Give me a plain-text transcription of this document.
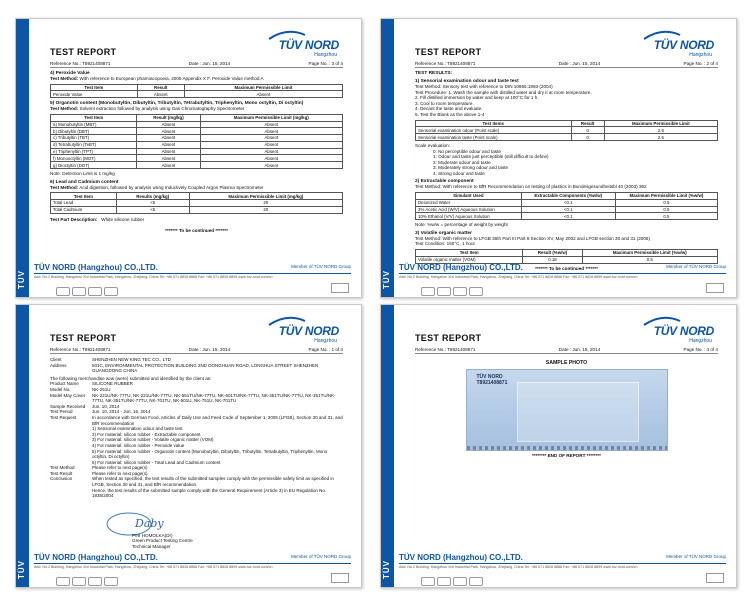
TÜV
TEST REPORT	TÜV NORD
Hangzhou
Reference No.: T8921408871	Date : Jun. 15, 2014	Page No. : 3 of 4
4) Peroxide Value
Test Method: With reference to European pharmacopoeia, 2005 Appendix X F. Peroxide Value method A
Test Item	Result	Maximum Permissible Limit
Peroxide Value	Absent	Absent
5) Organotin content (Monobutyltin, Dibutyltin, Tributyltin, Tetrabutyltin, Triphenyltin, Mono octyltin, Di octyltin)
Test Method: Solvent extraction followed by analysis using Gas Chromatography Spectrometer
Test Item	Result (mg/kg)	Maximum Permissible Limit (mg/kg)
a) Monobutyltin (MBT)	Absent	Absent
b) Dibutyltin (DBT)	Absent	Absent
c) Tributyltin (TBT)	Absent	Absent
d) Tetrabutyltin (TeBT)	Absent	Absent
e) Triphenyltin (TPT)	Absent	Absent
f) Monooctyltin (MOT)	Absent	Absent
g) Dioctyltin (DOT)	Absent	Absent
Note: Detection Limit is 1 mg/kg
6) Lead and Cadmium content
Test Method: Acid digestion, followed by analysis using Inductively Coupled Argon Plasma Spectrometer
Test Item	Results (mg/kg)	Maximum Permissible Limit (mg/kg)
Total Lead	<5	20
Total Cadmium	<5	20
Test Part Description: White silicone rubber
******* To be continued *******
TÜV NORD (Hangzhou) CO.,LTD.	Member of TÜV NORD Group
Add: No.2 Building, Hangzhou Xixi Industrial Park, Hangzhou, Zhejiang, China Tel: +86 571 8828 8888 Fax: +86 571 8828 8899 www.tuv-nord.com/cn	TÜV
TEST REPORT	TÜV NORD
Hangzhou
Reference No.: T8921408871	Date : Jun. 15, 2014	Page No. : 2 of 4
TEST RESULTS:
1) Sensorial examination odour and taste test
Test Method: Sensory test with reference to DIN 10955:1993 (2004)
Test Procedure: 1. Wash the sample with distilled water and dry it at room temperature.
2. Fill distilled immersion by water and keep at 100°C for 1 h.
3. Cool to room temperature.
4. Decant the taste and evaluate.
5. Test the Blank as the above 1-4
Test Items	Result	Maximum Permissible Limit
Sensorial examination odour (Point scale)	0	2.5
Sensorial examination taste (Point scale)	0	2.5
Scale evaluation:
0: No perceptible odour and taste
1: Odour and taste just perceptible (still difficult to define)
2: Moderate odour and taste
3: Moderately strong odour and taste
4: Strong odour and taste
2) Extractable component
Test Method: With reference to BfR Recommendation on testing of plastics in Bundesgesundheitsbl 40 (2003) 362
Simulant Used	Extractable Components (%w/w)	Maximum Permissible Limit (%w/w)
Deionized Water	<0.1	0.5
3% Acetic Acid (W/V) Aqueous Solution	<0.1	0.5
10% Ethanol (V/V) Aqueous Solution	<0.1	0.5
Note: %w/w = percentage of weight by weight
3) Volatile organic matter
Test Method: With reference to LFGB 36th Part III Part 8 Section XV, May 2002 and LFGB section 30 and 31 (2006)
Test Condition: 150°C, 1 hour
Test Item	Result (%w/w)	Maximum Permissible Limit (%w/w)
Volatile organic matter (VOM)	0.18	0.5
******* To be continued *******
TÜV NORD (Hangzhou) CO.,LTD.	Member of TÜV NORD Group
Add: No.2 Building, Hangzhou Xixi Industrial Park, Hangzhou, Zhejiang, China Tel: +86 571 8828 8888 Fax: +86 571 8828 8899 www.tuv-nord.com/cn
TÜV
TEST REPORT	TÜV NORD
Hangzhou
Reference No.: T8921408871	Date : Jun. 15, 2014	Page No. : 1 of 4
Client	SHENZHEN NEW KING TEC CO., LTD
Address	501C, ENVIRONMENTAL PROTECTION BUILDING 2ND DONGHUAN ROAD, LONGHUA STREET SHENZHEN GUANGDONG CHINA
The following merchandise was (were) submitted and identified by the client as:
Product Name	SILICONE RUBBER
Model No.	NK-251U
Model May Cover	NK-221U/NK-77TU, NK-221U/NK-77TU, NK-551TU/NK-77TU, NK-501TU/NK-77TU, NK-351TU/NK-77TU, NK-351TU/NK-77TU, NK-351TU/NK-77TU, NK-701TU, NK-501U, NK-751U, NK-701TU
Sample Received	Jun. 10, 2014
Test Period	Jun. 10, 2014 - Jun. 16, 2014
Test Request	In accordance with German Food, Articles of Daily Use and Feed Code of September 1, 2005 (LFGB), Section 30 and 31, and BfR recommendation
1) Sensorial examination odour and taste test
2) For material: silicon rubber - Extractable component
3) For material: silicon rubber - Volatile organic matter (VOM)
4) For material: silicon rubber - Peroxide value
5) For material: silicon rubber - Organotin content (Monobutyltin, Dibutyltin, Tributyltin, Tetrabutyltin, Triphenyltin, Mono octyltin, Di octyltin)
6) For material: silicon rubber - Total Lead and Cadmium content
Test Method	Please refer to next page(s)
Test Result	Please refer to next page(s)
Conclusion	When tested as specified, the test results of the submitted samples comply with the permissible safety limit as specified in LFGB, Section 30 and 31, and BfR recommendation.
Hence, the test results of the submitted sample comply with the General Requirement (Article 3) in EU Regulation No. 1935/2004
Daby
Petr HOMOLKA(Dr)
Green Product Testing Centre
Technical Manager
TÜV NORD (Hangzhou) CO.,LTD.	Member of TÜV NORD Group
Add: No.2 Building, Hangzhou Xixi Industrial Park, Hangzhou, Zhejiang, China Tel: +86 571 8828 8888 Fax: +86 571 8828 8899 www.tuv-nord.com/cn	TÜV
TEST REPORT	TÜV NORD
Hangzhou
Reference No.: T8921408871	Date : Jun. 15, 2014	Page No. : 4 of 4
SAMPLE PHOTO
TÜV NORD
T8921408871
******** END OF REPORT ********
TÜV NORD (Hangzhou) CO.,LTD.	Member of TÜV NORD Group
Add: No.2 Building, Hangzhou Xixi Industrial Park, Hangzhou, Zhejiang, China Tel: +86 571 8828 8888 Fax: +86 571 8828 8899 www.tuv-nord.com/cn
